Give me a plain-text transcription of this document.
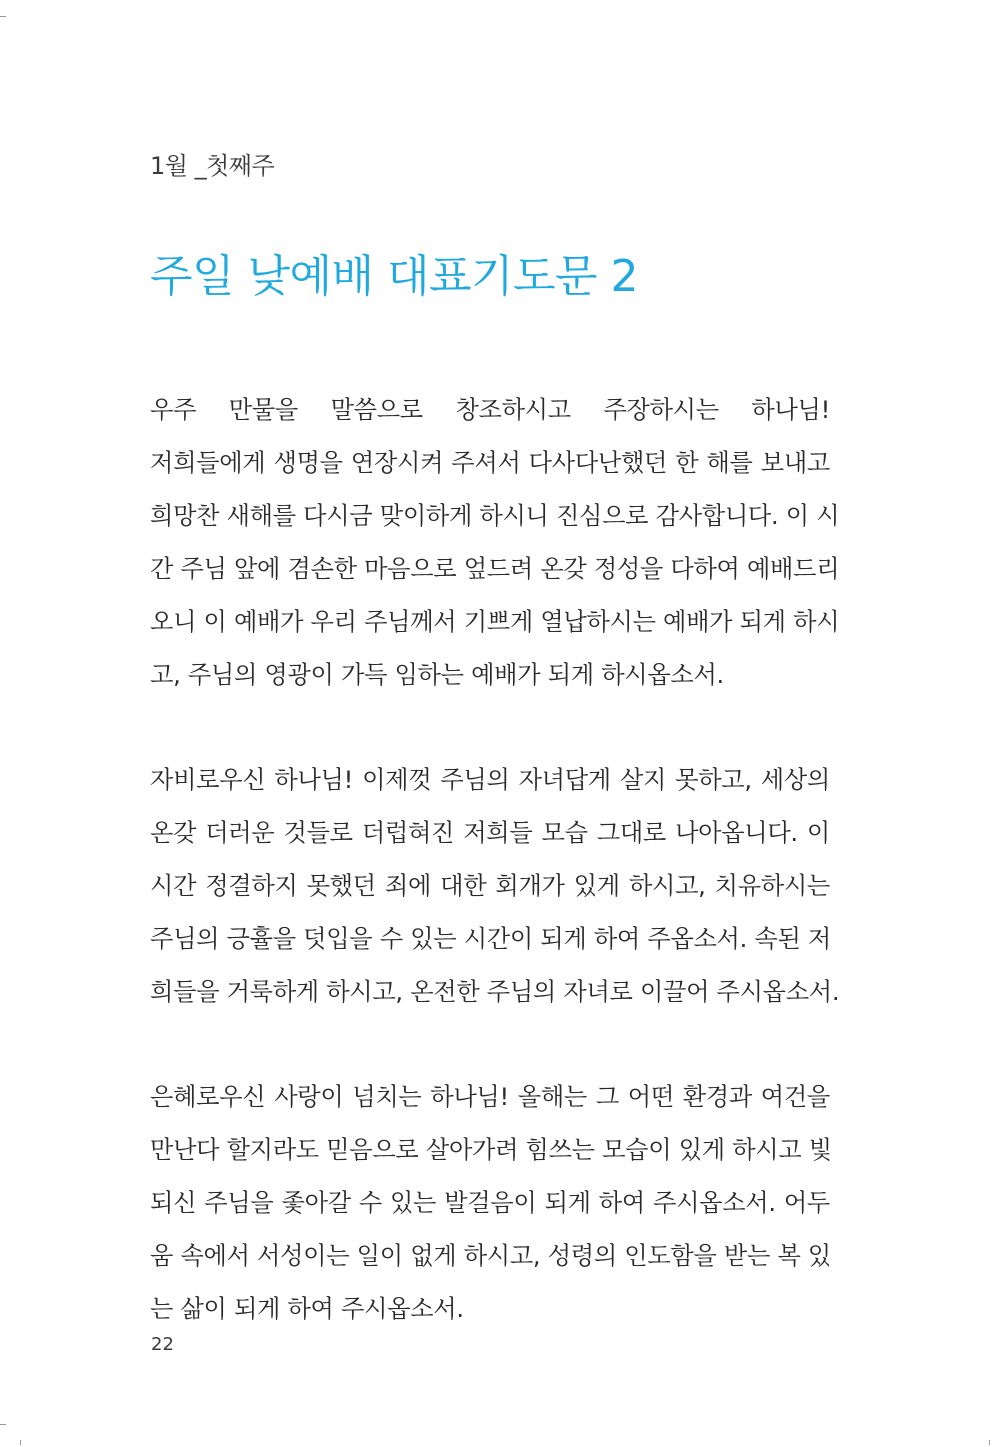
1월 _첫째주
주일 낮예배 대표기도문 2
우주 만물을 말씀으로 창조하시고 주장하시는 하나님!
저희들에게 생명을 연장시켜 주셔서 다사다난했던 한 해를 보내고
희망찬 새해를 다시금 맞이하게 하시니 진심으로 감사합니다. 이 시
간 주님 앞에 겸손한 마음으로 엎드려 온갖 정성을 다하여 예배드리
오니 이 예배가 우리 주님께서 기쁘게 열납하시는 예배가 되게 하시
고, 주님의 영광이 가득 임하는 예배가 되게 하시옵소서.
자비로우신 하나님! 이제껏 주님의 자녀답게 살지 못하고, 세상의
온갖 더러운 것들로 더럽혀진 저희들 모습 그대로 나아옵니다. 이
시간 정결하지 못했던 죄에 대한 회개가 있게 하시고, 치유하시는
주님의 긍휼을 덧입을 수 있는 시간이 되게 하여 주옵소서. 속된 저
희들을 거룩하게 하시고, 온전한 주님의 자녀로 이끌어 주시옵소서.
은혜로우신 사랑이 넘치는 하나님! 올해는 그 어떤 환경과 여건을
만난다 할지라도 믿음으로 살아가려 힘쓰는 모습이 있게 하시고 빛
되신 주님을 좇아갈 수 있는 발걸음이 되게 하여 주시옵소서. 어두
움 속에서 서성이는 일이 없게 하시고, 성령의 인도함을 받는 복 있
는 삶이 되게 하여 주시옵소서.
22
